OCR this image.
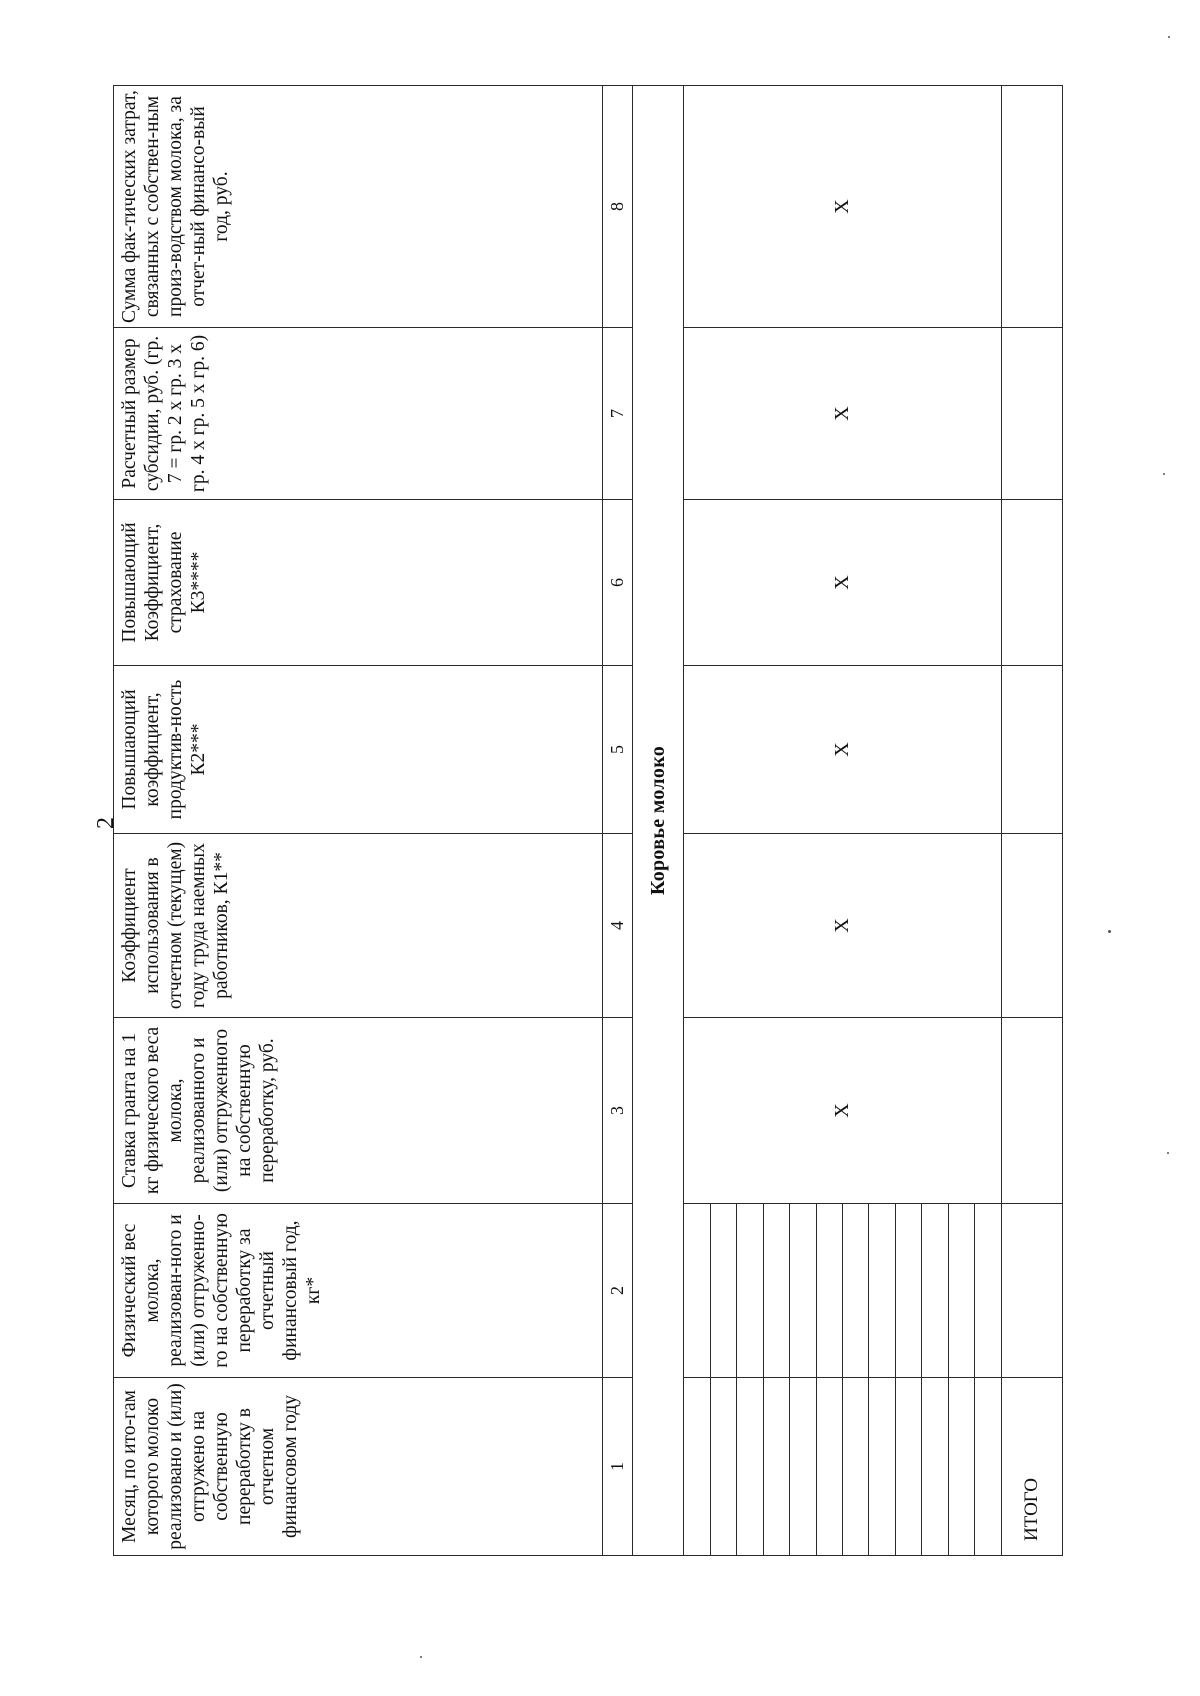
2
Месяц, по ито-гам которого молоко реализовано и (или) отгружено на собственную переработку в отчетном финансовом году	Физический вес молока, реализован-ного и (или) отгруженно-го на собственную переработку за отчетный финансовый год, кг*	Ставка гранта на 1 кг физического веса молока, реализованного и (или) отгруженного на собственную переработку, руб.	Коэффициент использования в отчетном (текущем) году труда наемных работников, К1**	Повышающий коэффициент, продуктив-ность К2***	Повышающий Коэффициент, страхование К3****	Расчетный размер субсидии, руб. (гр. 7 = гр. 2 х гр. 3 х гр. 4 х гр. 5 х гр. 6)	Сумма фак-тических затрат, связанных с собствен-ным произ-водством молока, за отчет-ный финансо-вый год, руб.

1	2	3	4	5	6	7	8
Коровье молоко							
		Х	Х	Х	Х	Х	Х

ИТОГО							
